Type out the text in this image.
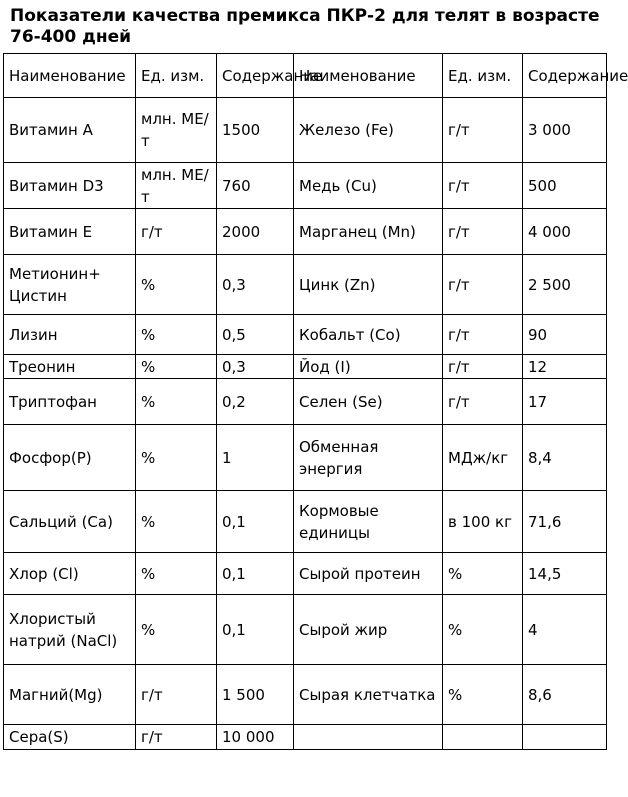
Показатели качества премикса ПКР-2 для телят в возрасте 76-400 дней
Наименование	Ед. изм.	Содержание	Наименование	Ед. изм.	Содержание
Витамин А	млн. МЕ/т	1500	Железо (Fe)	г/т	3 000
Витамин D3	млн. МЕ/т	760	Медь (Cu)	г/т	500
Витамин Е	г/т	2000	Марганец (Mn)	г/т	4 000
Метионин+ Цистин	%	0,3	Цинк (Zn)	г/т	2 500
Лизин	%	0,5	Кобальт (Co)	г/т	90
Треонин	%	0,3	Йод (I)	г/т	12
Триптофан	%	0,2	Селен (Se)	г/т	17
Фосфор(P)	%	1	Обменная энергия	МДж/кг	8,4
Сальций (Ca)	%	0,1	Кормовые единицы	в 100 кг	71,6
Хлор (Cl)	%	0,1	Сырой протеин	%	14,5
Хлористый натрий (NaCl)	%	0,1	Сырой жир	%	4
Магний(Mg)	г/т	1 500	Сырая клетчатка	%	8,6
Сера(S)	г/т	10 000			
